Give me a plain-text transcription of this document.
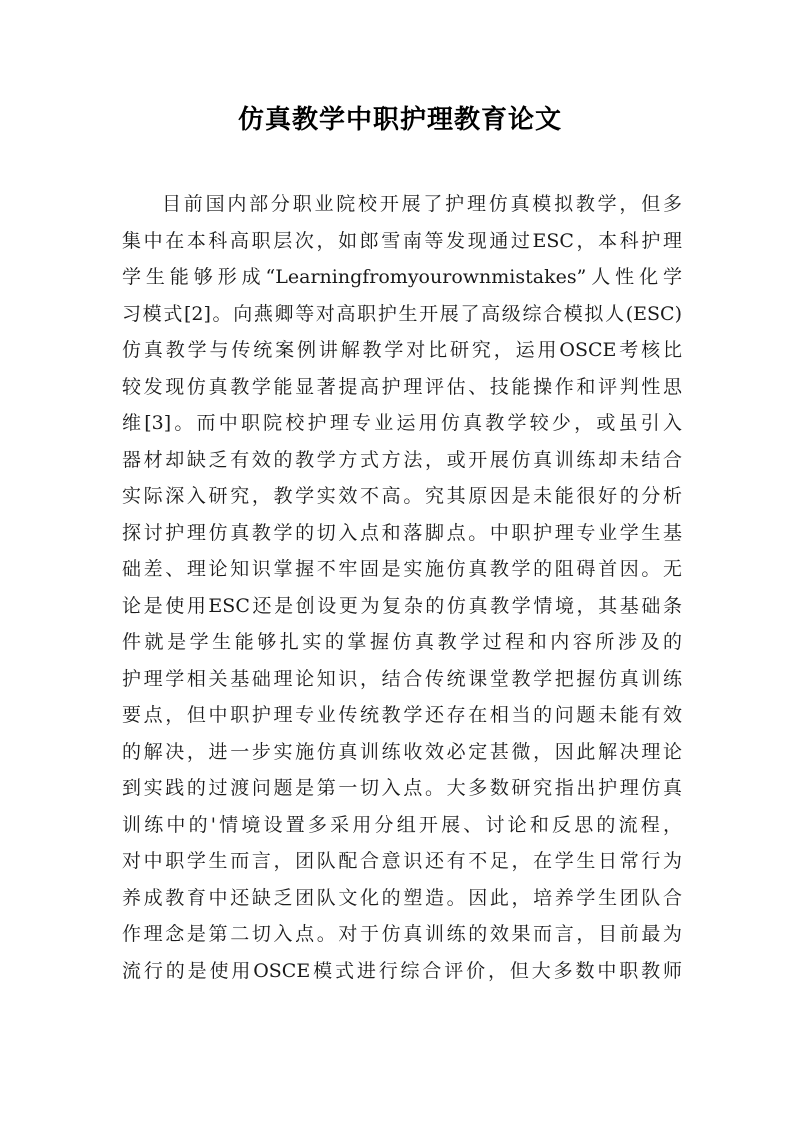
仿真教学中职护理教育论文
目前国内部分职业院校开展了护理仿真模拟教学，但多
集中在本科高职层次，如郎雪南等发现通过ESC，本科护理
学生能够形成“Learningfromyourownmistakes”人性化学
习模式[2]。向燕卿等对高职护生开展了高级综合模拟人(ESC)
仿真教学与传统案例讲解教学对比研究，运用OSCE考核比
较发现仿真教学能显著提高护理评估、技能操作和评判性思
维[3]。而中职院校护理专业运用仿真教学较少，或虽引入
器材却缺乏有效的教学方式方法，或开展仿真训练却未结合
实际深入研究，教学实效不高。究其原因是未能很好的分析
探讨护理仿真教学的切入点和落脚点。中职护理专业学生基
础差、理论知识掌握不牢固是实施仿真教学的阻碍首因。无
论是使用ESC还是创设更为复杂的仿真教学情境，其基础条
件就是学生能够扎实的掌握仿真教学过程和内容所涉及的
护理学相关基础理论知识，结合传统课堂教学把握仿真训练
要点，但中职护理专业传统教学还存在相当的问题未能有效
的解决，进一步实施仿真训练收效必定甚微，因此解决理论
到实践的过渡问题是第一切入点。大多数研究指出护理仿真
训练中的'情境设置多采用分组开展、讨论和反思的流程，
对中职学生而言，团队配合意识还有不足，在学生日常行为
养成教育中还缺乏团队文化的塑造。因此，培养学生团队合
作理念是第二切入点。对于仿真训练的效果而言，目前最为
流行的是使用OSCE模式进行综合评价，但大多数中职教师
